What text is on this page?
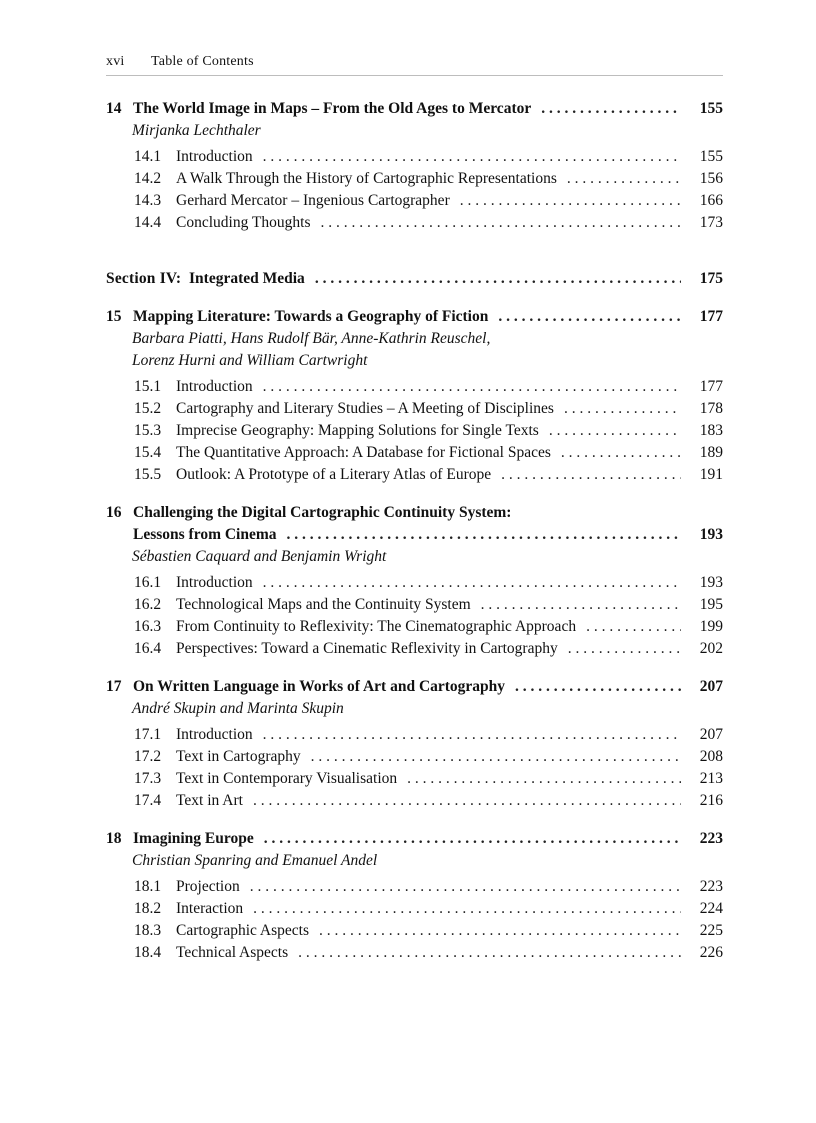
xvi Table of Contents
14 The World Image in Maps – From the Old Ages to Mercator . . .	155
Mirjanka Lechthaler
14.1 Introduction . . .	155
14.2 A Walk Through the History of Cartographic Representations . . .	156
14.3 Gerhard Mercator – Ingenious Cartographer . . .	166
14.4 Concluding Thoughts . . .	173
Section IV: Integrated Media . . .	175
15 Mapping Literature: Towards a Geography of Fiction . . .	177
Barbara Piatti, Hans Rudolf Bär, Anne-Kathrin Reuschel,
Lorenz Hurni and William Cartwright
15.1 Introduction . . .	177
15.2 Cartography and Literary Studies – A Meeting of Disciplines . . .	178
15.3 Imprecise Geography: Mapping Solutions for Single Texts . . .	183
15.4 The Quantitative Approach: A Database for Fictional Spaces . . .	189
15.5 Outlook: A Prototype of a Literary Atlas of Europe . . .	191
16 Challenging the Digital Cartographic Continuity System:
Lessons from Cinema . . .	193
Sébastien Caquard and Benjamin Wright
16.1 Introduction . . .	193
16.2 Technological Maps and the Continuity System . . .	195
16.3 From Continuity to Reflexivity: The Cinematographic Approach . . .	199
16.4 Perspectives: Toward a Cinematic Reflexivity in Cartography . . .	202
17 On Written Language in Works of Art and Cartography . . .	207
André Skupin and Marinta Skupin
17.1 Introduction . . .	207
17.2 Text in Cartography . . .	208
17.3 Text in Contemporary Visualisation . . .	213
17.4 Text in Art . . .	216
18 Imagining Europe . . .	223
Christian Spanring and Emanuel Andel
18.1 Projection . . .	223
18.2 Interaction . . .	224
18.3 Cartographic Aspects . . .	225
18.4 Technical Aspects . . .	226
